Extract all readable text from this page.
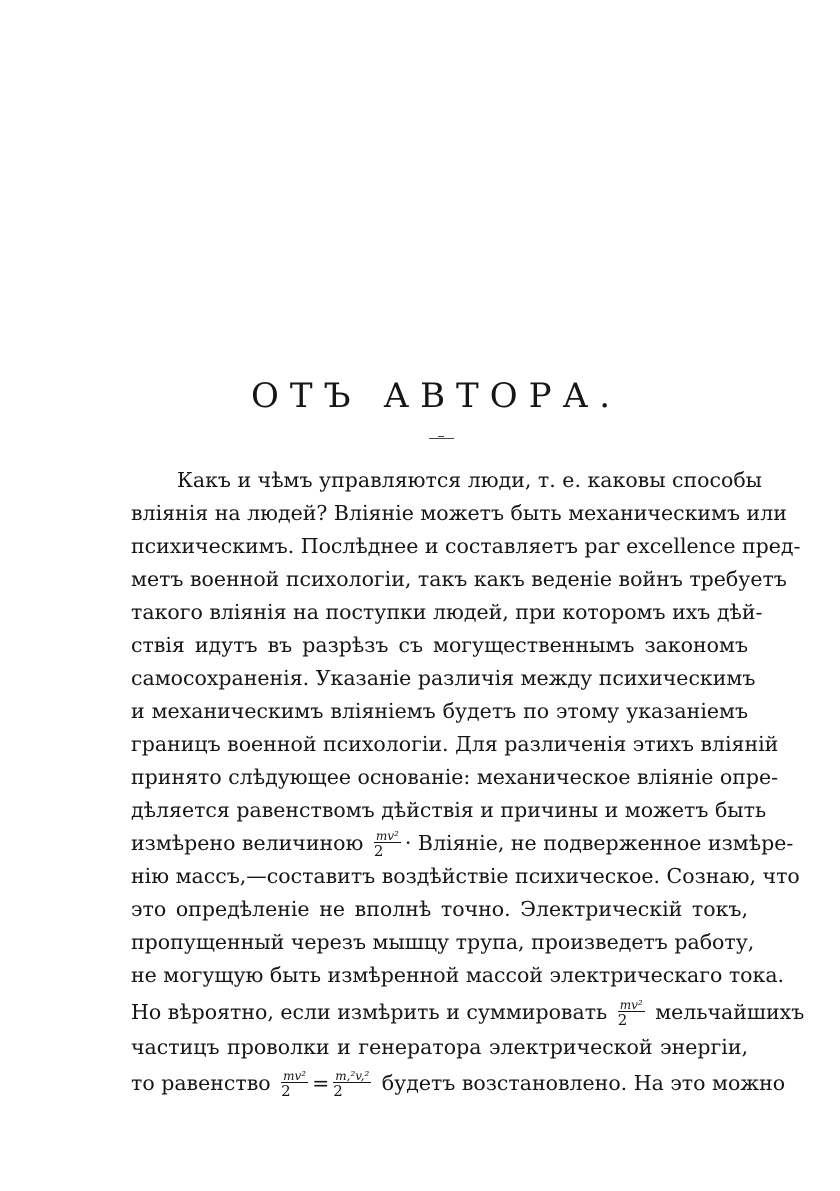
ОТЪ АВТОРА.
Какъ и чѣмъ управляются люди, т. е. каковы способы
вліянія на людей? Вліяніе можетъ быть механическимъ или
психическимъ. Послѣднее и составляетъ par excellence пред-
метъ военной психологіи, такъ какъ веденіе войнъ требуетъ
такого вліянія на поступки людей, при которомъ ихъ дѣй-
ствія идутъ въ разрѣзъ съ могущественнымъ закономъ
самосохраненія. Указаніе различія между психическимъ
и механическимъ вліяніемъ будетъ по этому указаніемъ
границъ военной психологіи. Для различенія этихъ вліяній
принято слѣдующее основаніе: механическое вліяніе опре-
дѣляется равенствомъ дѣйствія и причины и можетъ быть
измѣрено величиною $\frac{\text{mv²}}{2}$ · Вліяніе, не подверженное измѣре-
нію массъ,—составитъ воздѣйствіе психическое. Сознаю, что
это опредѣленіе не вполнѣ точно. Электрическій токъ,
пропущенный черезъ мышцу трупа, произведетъ работу,
не могущую быть измѣренной массой электрическаго тока.
Но вѣроятно, если измѣрить и суммировать $\frac{\text{mv²}}{2}$ мельчайшихъ
частицъ проволки и генератора электрической энергіи,
то равенство $\frac{\text{mv²}}{2} = \frac{\text{m,²v,²}}{2}$ будетъ возстановлено. На это можно
